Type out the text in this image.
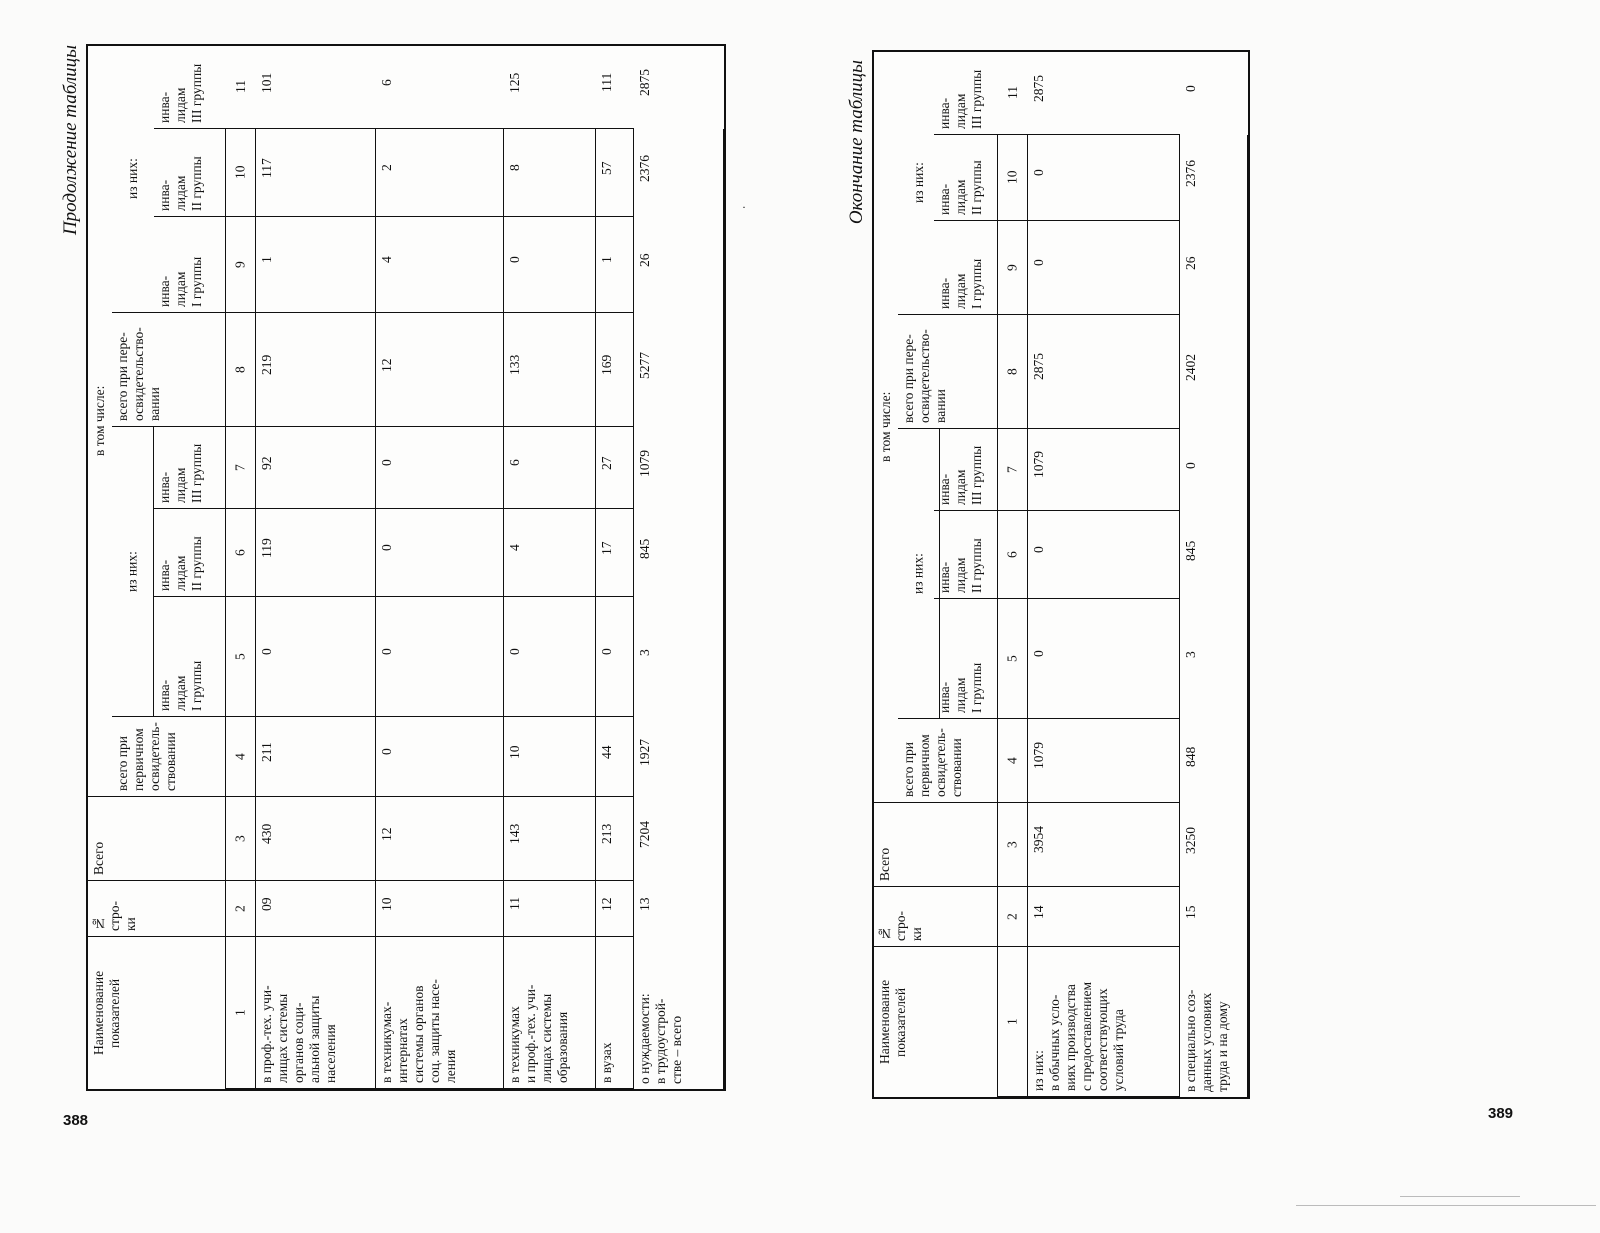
388	389
Продолжение таблицы	Окончание таблицы
Наименование показателей
№ стро- ки
Всего
в том числе:
всего при первичном освидетель- ствовании
всего при пере- освидетельство- вании
из них:
из них:
инва- лидам I группы
инва- лидам II группы
инва- лидам III группы
инва- лидам I группы
инва- лидам II группы
инва- лидам III группы
1
2
3
4
5
6
7
8
9
10
11
в проф.-тех. учи- лищах системы органов соци- альной защиты населения
09
430
211
0
119
92
219
1
117
101
в техникумах- интернатах системы органов соц. защиты насе- ления
10
12
0
0
0
0
12
4
2
6
в техникумах и проф.-тех. учи- лищах системы образования
11
143
10
0
4
6
133
0
8
125
в вузах
12
213
44
0
17
27
169
1
57
111
о нуждаемости: в трудоустрой- стве – всего
13
7204
1927
3
845
1079
5277
26
2376
2875
Наименование показателей
№ стро- ки
Всего
в том числе:
всего при первичном освидетель- ствовании
всего при пере- освидетельство- вании
из них:
из них:
инва- лидам I группы
инва- лидам II группы
инва- лидам III группы
инва- лидам I группы
инва- лидам II группы
инва- лидам III группы
1
2
3
4
5
6
7
8
9
10
11
из них: в обычных усло- виях производства с предоставлением соответствующих условий труда
14
3954
1079
0
0
1079
2875
0
0
2875
в специально соз- данных условиях труда и на дому
15
3250
848
3
845
0
2402
26
2376
0
·
